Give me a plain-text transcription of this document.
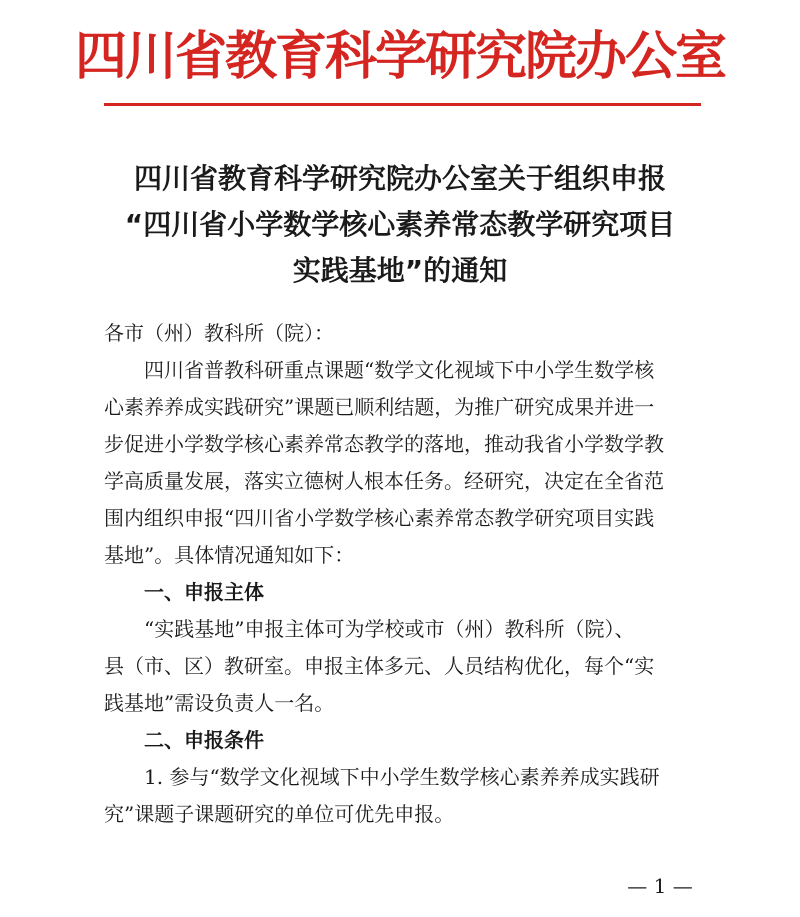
四川省教育科学研究院办公室
四川省教育科学研究院办公室关于组织申报
“四川省小学数学核心素养常态教学研究项目
实践基地”的通知
各市（州）教科所（院）：
四川省普教科研重点课题“数学文化视域下中小学生数学核
心素养养成实践研究”课题已顺利结题，为推广研究成果并进一
步促进小学数学核心素养常态教学的落地，推动我省小学数学教
学高质量发展，落实立德树人根本任务。经研究，决定在全省范
围内组织申报“四川省小学数学核心素养常态教学研究项目实践
基地”。具体情况通知如下：
一、申报主体
“实践基地”申报主体可为学校或市（州）教科所（院）、
县（市、区）教研室。申报主体多元、人员结构优化，每个“实
践基地”需设负责人一名。
二、申报条件
1. 参与“数学文化视域下中小学生数学核心素养养成实践研
究”课题子课题研究的单位可优先申报。
— 1 —
